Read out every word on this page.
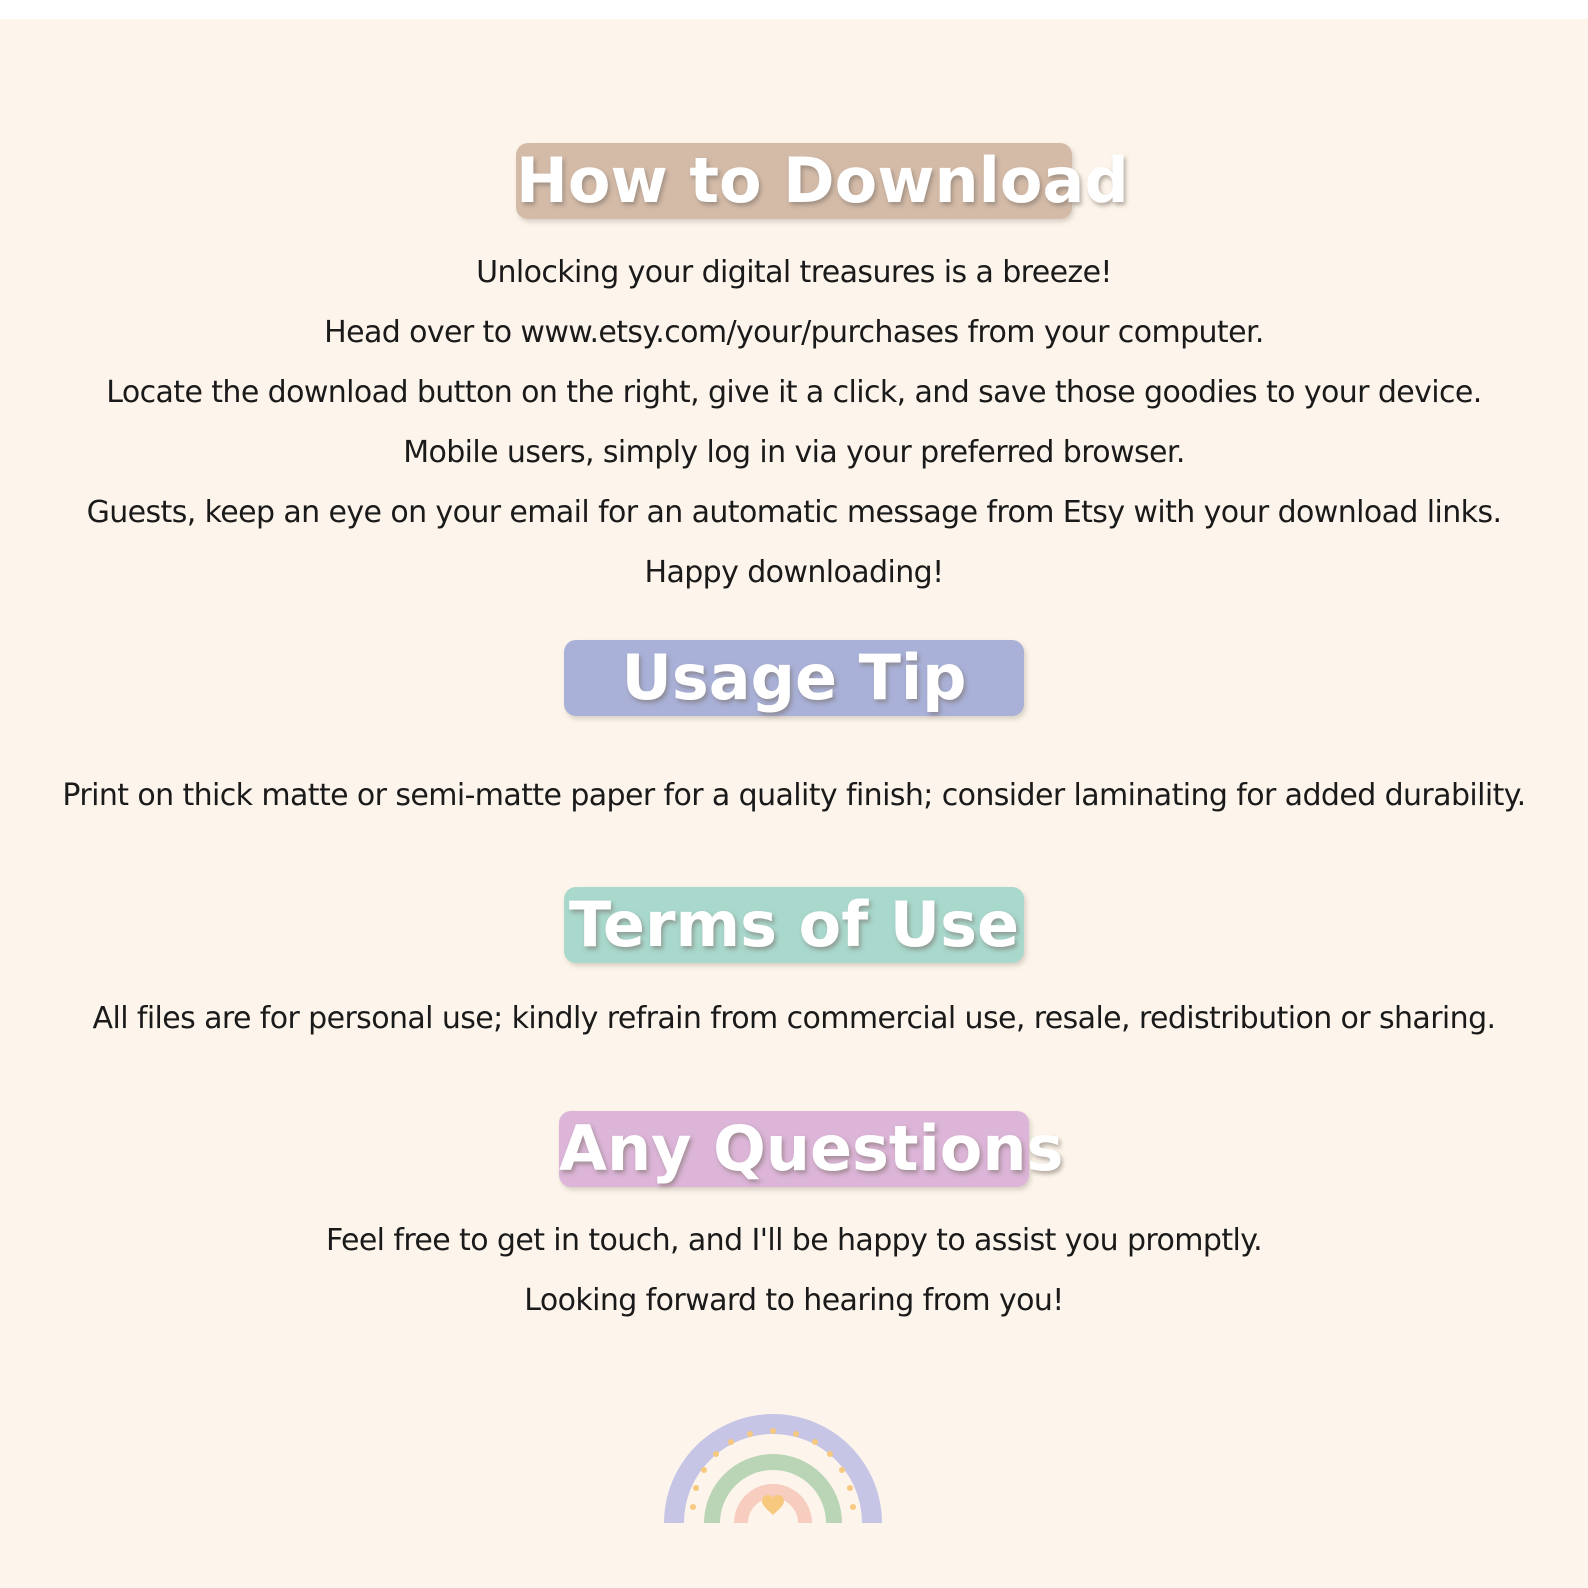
How to Download
Unlocking your digital treasures is a breeze!
Head over to www.etsy.com/your/purchases from your computer.
Locate the download button on the right, give it a click, and save those goodies to your device.
Mobile users, simply log in via your preferred browser.
Guests, keep an eye on your email for an automatic message from Etsy with your download links.
Happy downloading!
Usage Tip
Print on thick matte or semi-matte paper for a quality finish; consider laminating for added durability.
Terms of Use
All files are for personal use; kindly refrain from commercial use, resale, redistribution or sharing.
Any Questions
Feel free to get in touch, and I'll be happy to assist you promptly.
Looking forward to hearing from you!
